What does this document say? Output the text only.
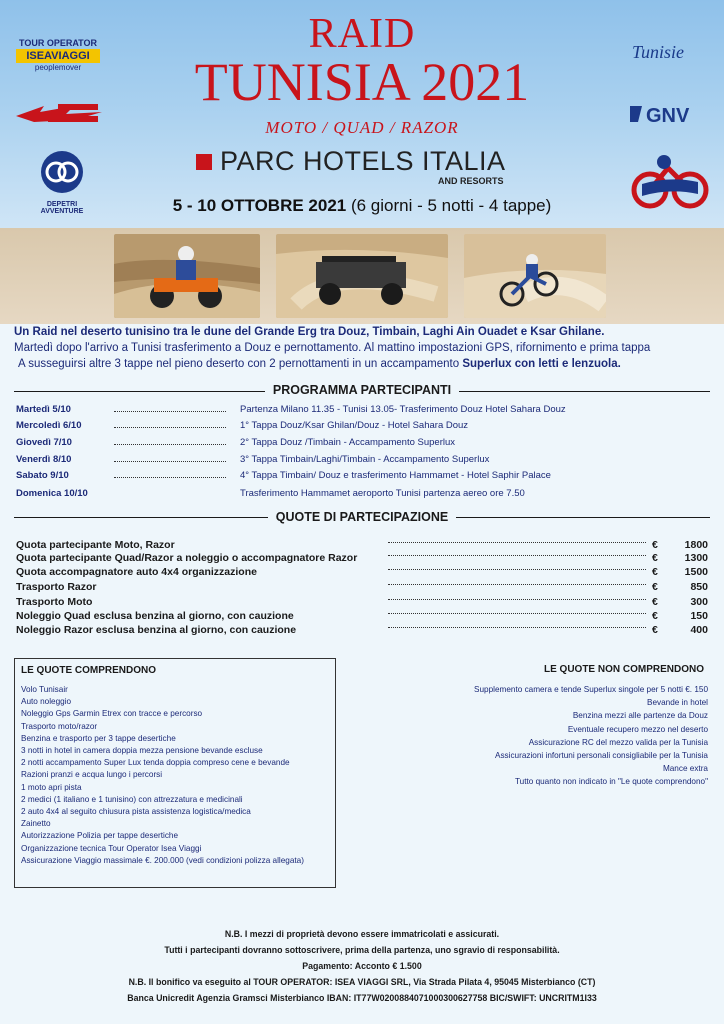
TOUR OPERATOR
ISEAVIAGGI
peoplemover
DEPETRI AVVENTURE
RAID
TUNISIA 2021
MOTO / QUAD / RAZOR
PARC HOTELS ITALIA
AND RESORTS
5 - 10 OTTOBRE 2021 (6 giorni - 5 notti - 4 tappe)
Tunisie
GNV
Un Raid nel deserto tunisino tra le dune del Grande Erg tra Douz, Timbain, Laghi Ain Ouadet e Ksar Ghilane.
Martedì dopo l'arrivo a Tunisi trasferimento a Douz e pernottamento. Al mattino impostazioni GPS, rifornimento e prima tappa
A susseguirsi altre 3 tappe nel pieno deserto con 2 pernottamenti in un accampamento Superlux con letti e lenzuola.
PROGRAMMA PARTECIPANTI
Martedì 5/10	Partenza Milano 11.35 - Tunisi 13.05- Trasferimento Douz Hotel Sahara Douz
Mercoledì 6/10	1° Tappa Douz/Ksar Ghilan/Douz - Hotel Sahara Douz
Giovedì 7/10	2° Tappa Douz /Timbain - Accampamento Superlux
Venerdì 8/10	3° Tappa Timbain/Laghi/Timbain - Accampamento Superlux
Sabato 9/10	4° Tappa Timbain/ Douz e trasferimento Hammamet - Hotel Saphir Palace
Domenica 10/10	Trasferimento Hammamet aeroporto Tunisi partenza aereo ore 7.50
QUOTE DI PARTECIPAZIONE
Quota partecipante Moto, Razor	€	1800
Quota partecipante Quad/Razor a noleggio o accompagnatore Razor	€	1300
Quota accompagnatore auto 4x4 organizzazione	€	1500
Trasporto Razor	€	850
Trasporto Moto	€	300
Noleggio Quad esclusa benzina al giorno, con cauzione	€	150
Noleggio Razor esclusa benzina al giorno, con cauzione	€	400
LE QUOTE COMPRENDONO
Volo Tunisair
Auto noleggio
Noleggio Gps Garmin Etrex con tracce e percorso
Trasporto moto/razor
Benzina e trasporto per 3 tappe desertiche
3 notti in hotel in camera doppia mezza pensione bevande escluse
2 notti accampamento Super Lux tenda doppia compreso cene e bevande
Razioni pranzi e acqua lungo i percorsi
1 moto apri pista
2 medici (1 italiano e 1 tunisino) con attrezzatura e medicinali
2 auto 4x4 al seguito chiusura pista assistenza logistica/medica
Zainetto
Autorizzazione Polizia per tappe desertiche
Organizzazione tecnica Tour Operator Isea Viaggi
Assicurazione Viaggio massimale €. 200.000 (vedi condizioni polizza allegata)
LE QUOTE NON COMPRENDONO
Supplemento camera e tende Superlux singole per 5 notti €. 150
Bevande in hotel
Benzina mezzi alle partenze da Douz
Eventuale recupero mezzo nel deserto
Assicurazione RC del mezzo valida per la Tunisia
Assicurazioni infortuni personali consigliabile per la Tunisia
Mance extra
Tutto quanto non indicato in "Le quote comprendono"
N.B. I mezzi di proprietà devono essere immatricolati e assicurati.
Tutti i partecipanti dovranno sottoscrivere, prima della partenza, uno sgravio di responsabilità.
Pagamento: Acconto € 1.500
N.B. Il bonifico va eseguito al TOUR OPERATOR: ISEA VIAGGI SRL, Via Strada Pilata 4, 95045 Misterbianco (CT)
Banca Unicredit Agenzia Gramsci Misterbianco IBAN: IT77W0200884071000300627758 BIC/SWIFT: UNCRITM1I33
